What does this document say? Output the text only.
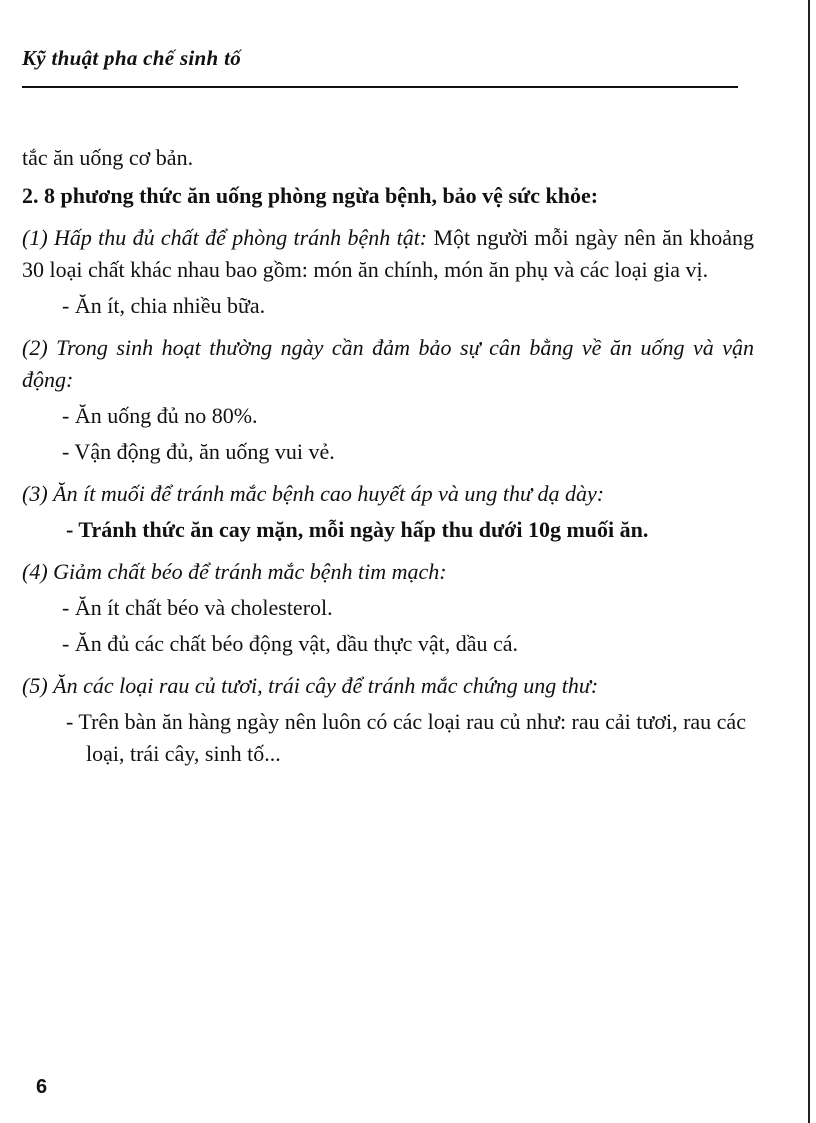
Kỹ thuật pha chế sinh tố

tắc ăn uống cơ bản.

2. 8 phương thức ăn uống phòng ngừa bệnh, bảo vệ sức khỏe:

(1) Hấp thu đủ chất để phòng tránh bệnh tật: Một người mỗi ngày nên ăn khoảng 30 loại chất khác nhau bao gồm: món ăn chính, món ăn phụ và các loại gia vị.

- Ăn ít, chia nhiều bữa.

(2) Trong sinh hoạt thường ngày cần đảm bảo sự cân bằng về ăn uống và vận động:

- Ăn uống đủ no 80%.

- Vận động đủ, ăn uống vui vẻ.

(3) Ăn ít muối để tránh mắc bệnh cao huyết áp và ung thư dạ dày:

- Tránh thức ăn cay mặn, mỗi ngày hấp thu dưới 10g muối ăn.

(4) Giảm chất béo để tránh mắc bệnh tim mạch:

- Ăn ít chất béo và cholesterol.

- Ăn đủ các chất béo động vật, dầu thực vật, dầu cá.

(5) Ăn các loại rau củ tươi, trái cây để tránh mắc chứng ung thư:

- Trên bàn ăn hàng ngày nên luôn có các loại rau củ như: rau cải tươi, rau các loại, trái cây, sinh tố...

6
